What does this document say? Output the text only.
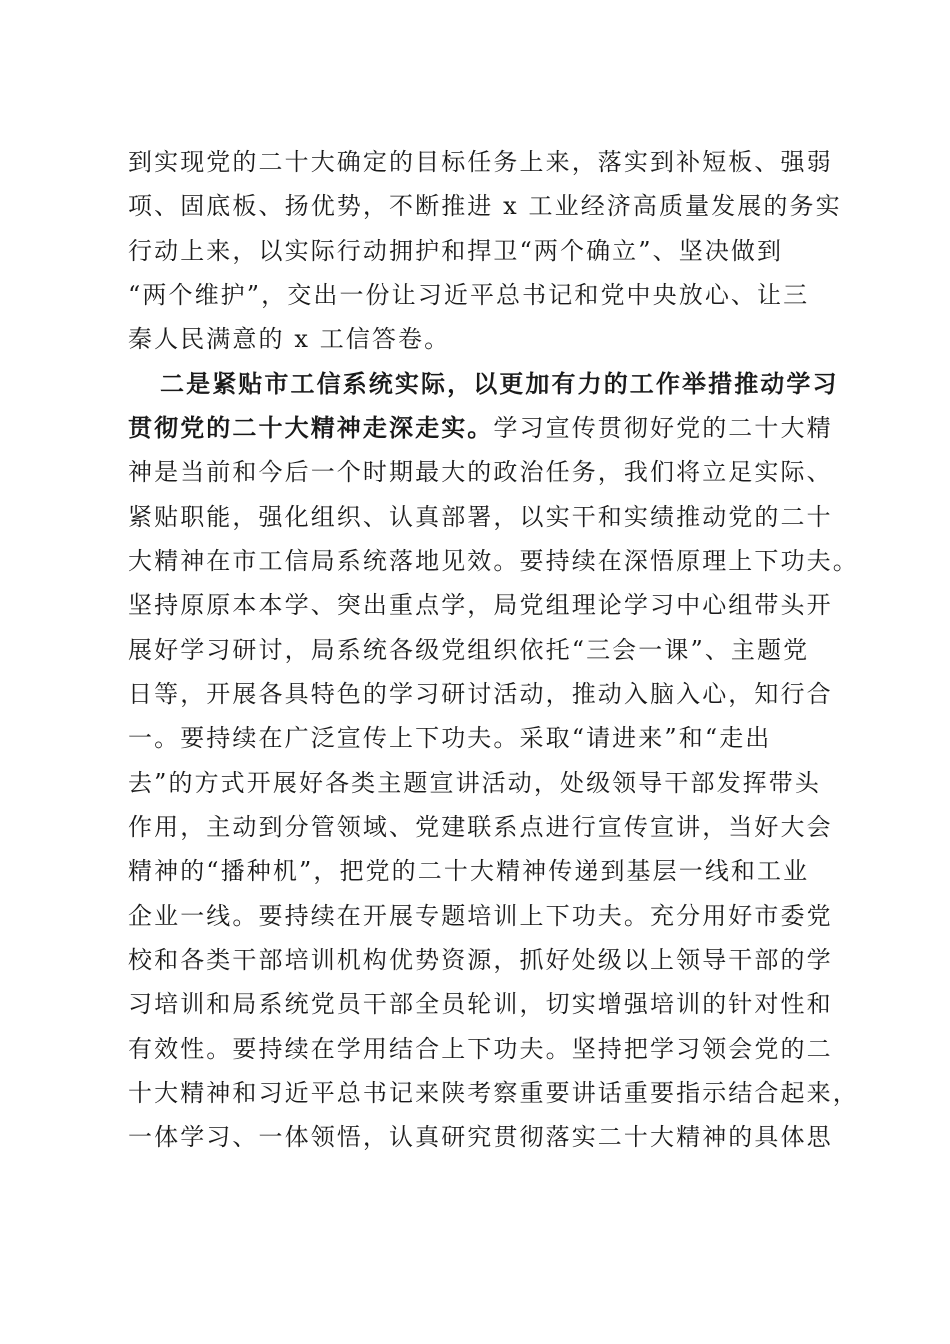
到实现党的二十大确定的目标任务上来，落实到补短板、强弱
项、固底板、扬优势，不断推进 x 工业经济高质量发展的务实
行动上来，以实际行动拥护和捍卫“两个确立”、坚决做到
“两个维护”，交出一份让习近平总书记和党中央放心、让三
秦人民满意的 x 工信答卷。
二是紧贴市工信系统实际，以更加有力的工作举措推动学习
贯彻党的二十大精神走深走实。学习宣传贯彻好党的二十大精
神是当前和今后一个时期最大的政治任务，我们将立足实际、
紧贴职能，强化组织、认真部署，以实干和实绩推动党的二十
大精神在市工信局系统落地见效。要持续在深悟原理上下功夫。
坚持原原本本学、突出重点学，局党组理论学习中心组带头开
展好学习研讨，局系统各级党组织依托“三会一课”、主题党
日等，开展各具特色的学习研讨活动，推动入脑入心，知行合
一。要持续在广泛宣传上下功夫。采取“请进来”和“走出
去”的方式开展好各类主题宣讲活动，处级领导干部发挥带头
作用，主动到分管领域、党建联系点进行宣传宣讲，当好大会
精神的“播种机”，把党的二十大精神传递到基层一线和工业
企业一线。要持续在开展专题培训上下功夫。充分用好市委党
校和各类干部培训机构优势资源，抓好处级以上领导干部的学
习培训和局系统党员干部全员轮训，切实增强培训的针对性和
有效性。要持续在学用结合上下功夫。坚持把学习领会党的二
十大精神和习近平总书记来陕考察重要讲话重要指示结合起来，
一体学习、一体领悟，认真研究贯彻落实二十大精神的具体思
